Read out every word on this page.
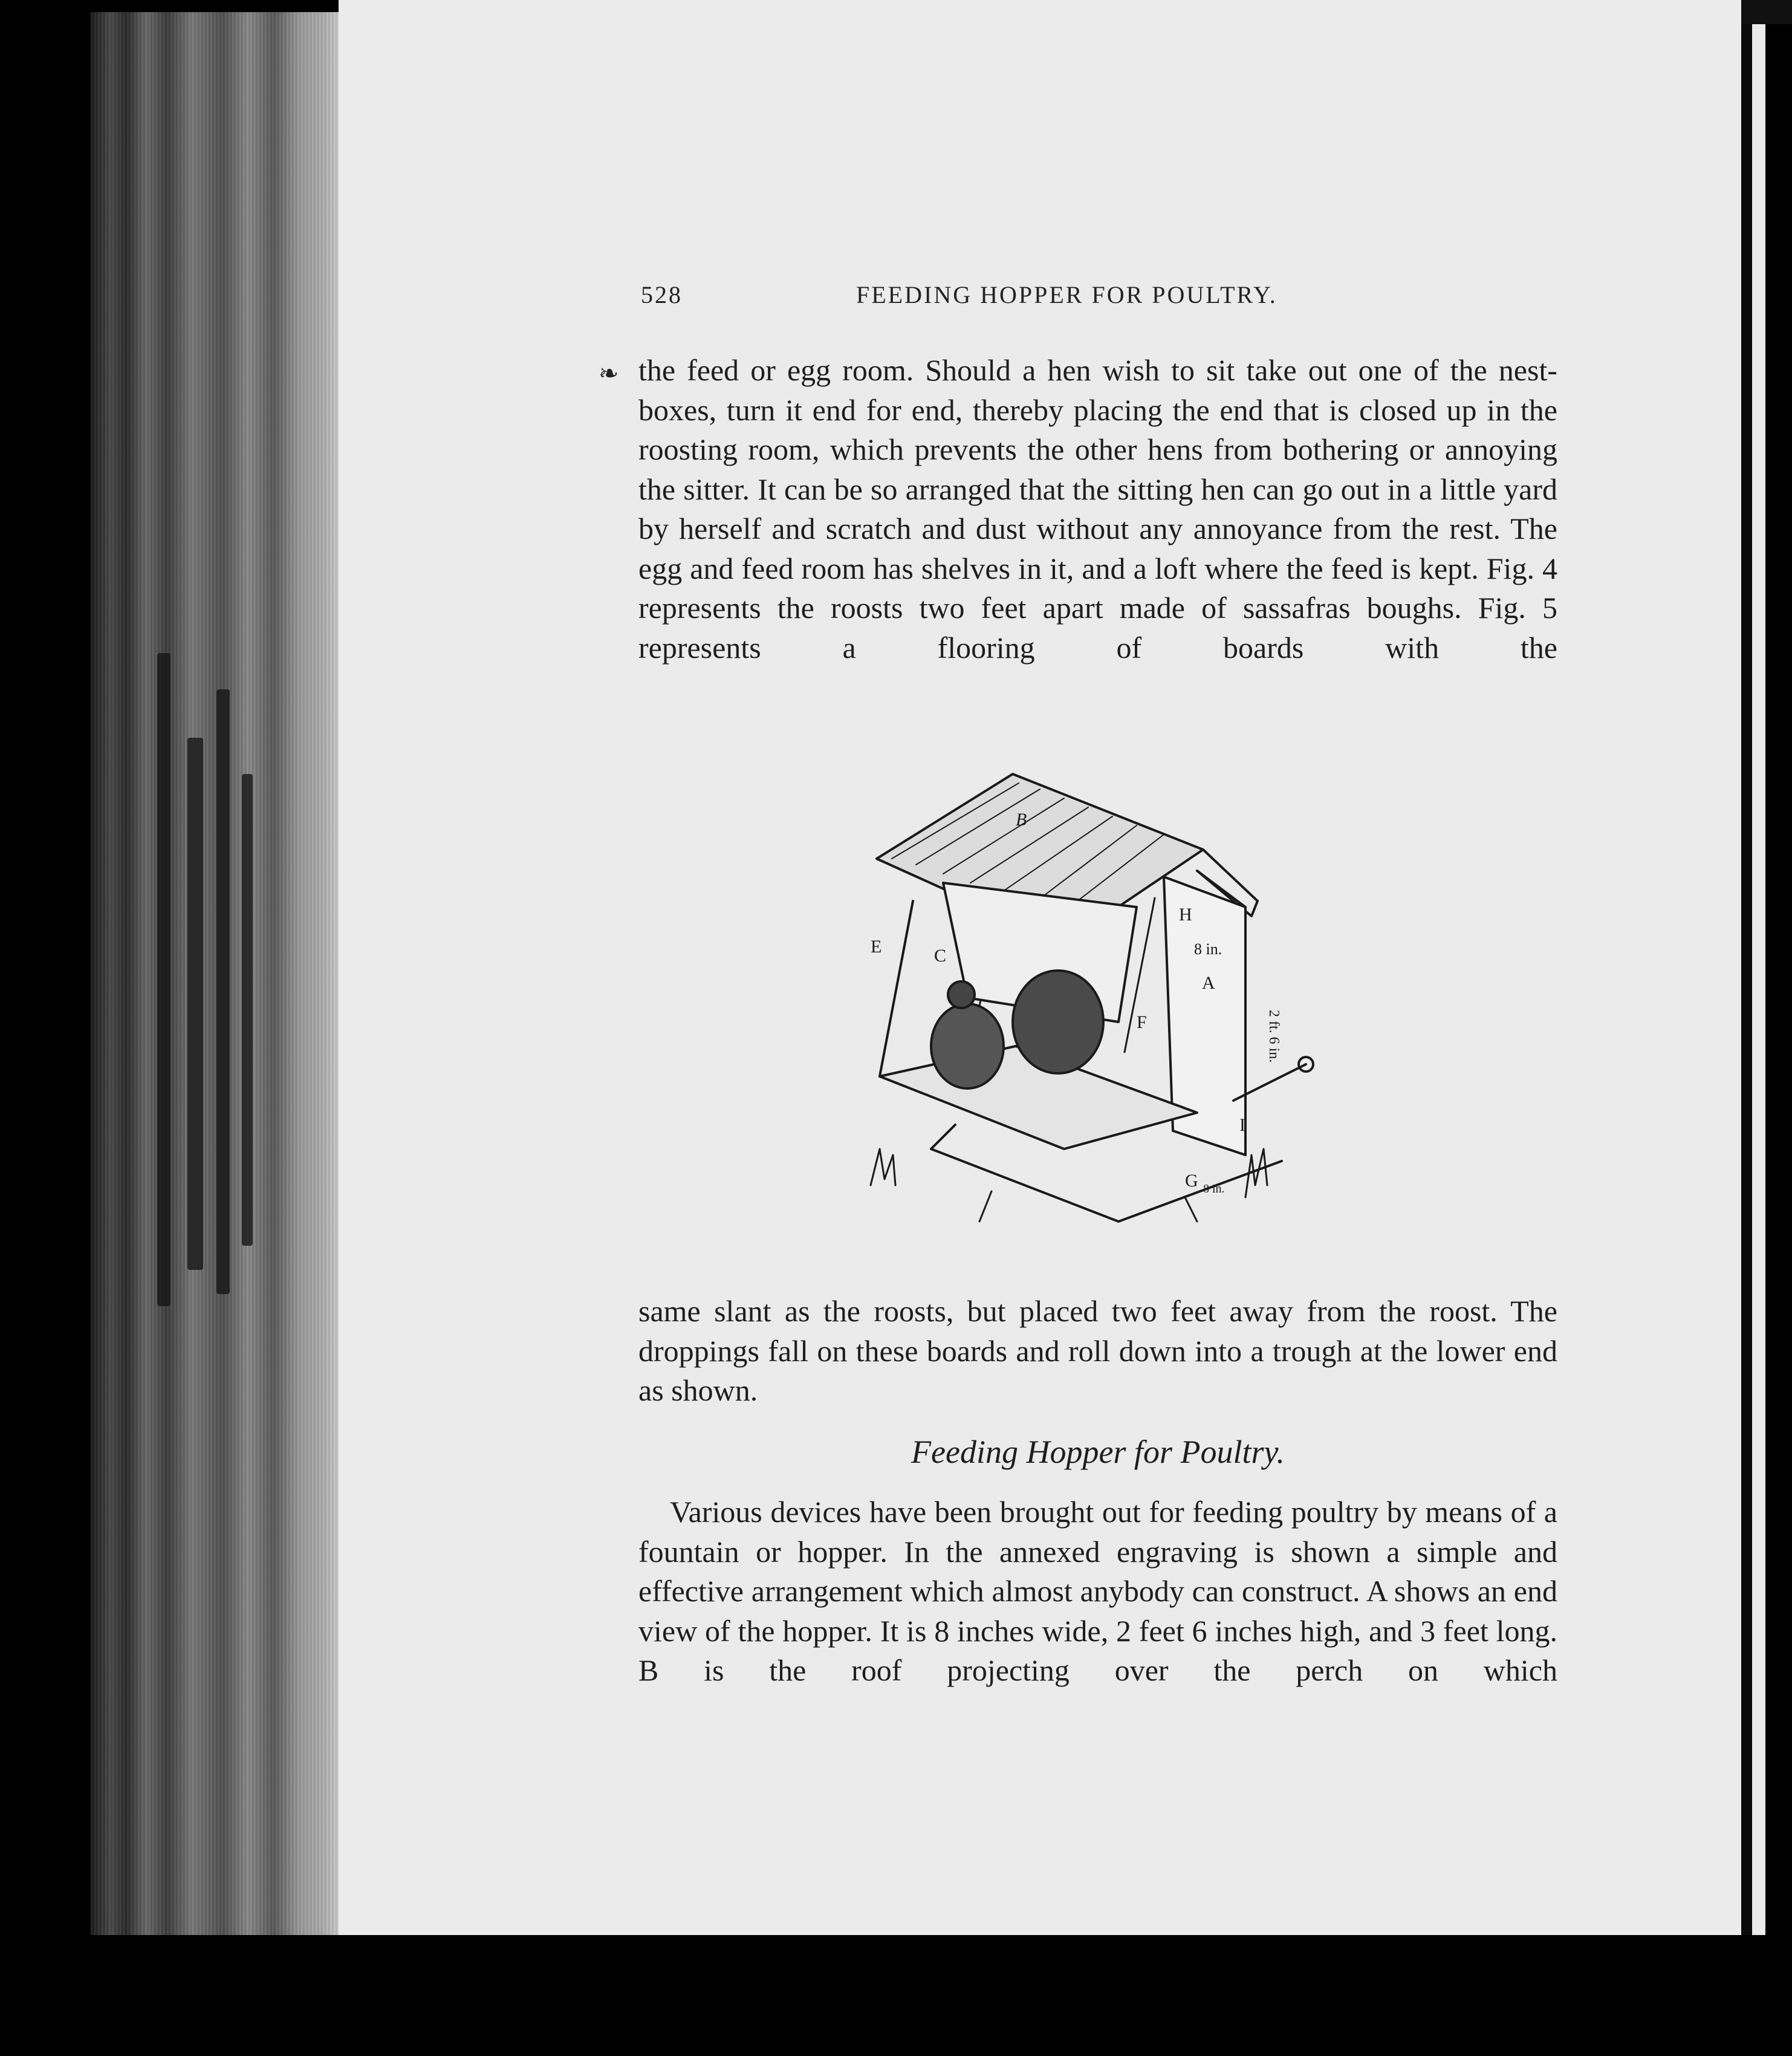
528	FEEDING HOPPER FOR POULTRY.
❧ the feed or egg room. Should a hen wish to sit take out one of the nest-boxes, turn it end for end, thereby placing the end that is closed up in the roosting room, which prevents the other hens from bothering or annoying the sitter. It can be so arranged that the sitting hen can go out in a little yard by herself and scratch and dust without any annoyance from the rest. The egg and feed room has shelves in it, and a loft where the feed is kept. Fig. 4 represents the roosts two feet apart made of sassafras boughs. Fig. 5 represents a flooring of boards with the

B
H
8 in.
A
E	C
F
I
G 8 in.
2 ft. 6 in.

same slant as the roosts, but placed two feet away from the roost. The droppings fall on these boards and roll down into a trough at the lower end as shown.

Feeding Hopper for Poultry.

Various devices have been brought out for feeding poultry by means of a fountain or hopper. In the annexed engraving is shown a simple and effective arrangement which almost anybody can construct. A shows an end view of the hopper. It is 8 inches wide, 2 feet 6 inches high, and 3 feet long. B is the roof projecting over the perch on which
